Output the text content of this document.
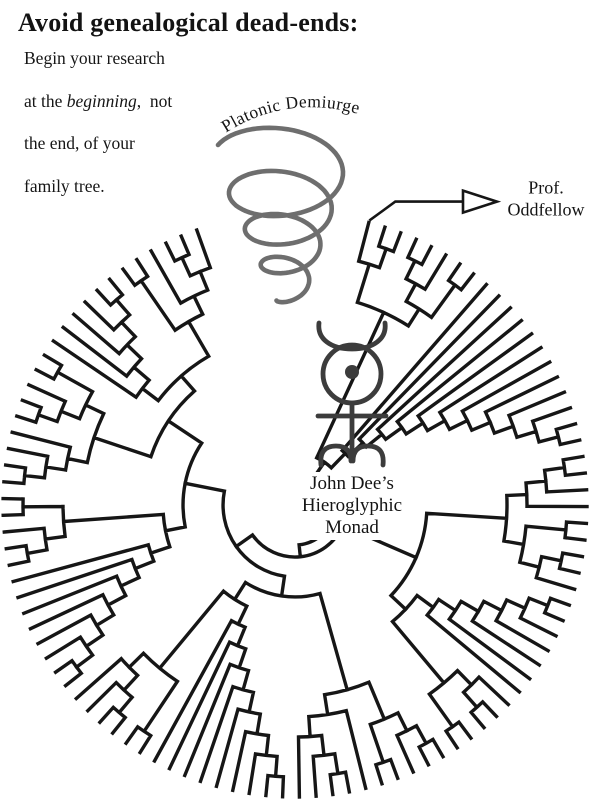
Avoid genealogical dead-ends:
Begin your research

at the beginning,  not

the end, of your

family tree.
John Dee’s
Hieroglyphic
Monad
Platonic Demiurge
Prof.
Oddfellow
